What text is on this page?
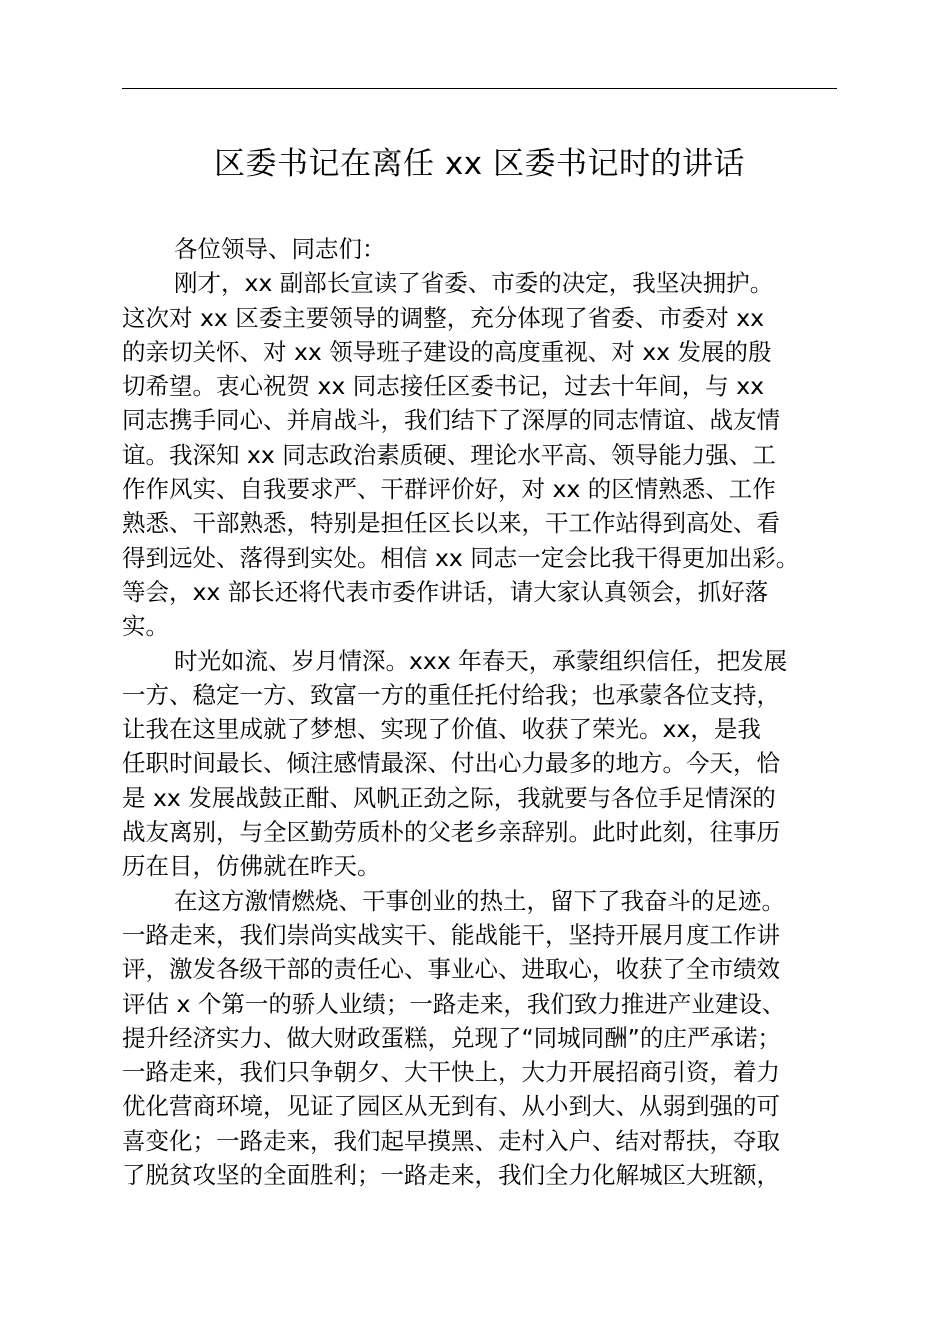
区委书记在离任 xx 区委书记时的讲话
各位领导、同志们：
刚才，xx 副部长宣读了省委、市委的决定，我坚决拥护。
这次对 xx 区委主要领导的调整，充分体现了省委、市委对 xx
的亲切关怀、对 xx 领导班子建设的高度重视、对 xx 发展的殷
切希望。衷心祝贺 xx 同志接任区委书记，过去十年间，与 xx
同志携手同心、并肩战斗，我们结下了深厚的同志情谊、战友情
谊。我深知 xx 同志政治素质硬、理论水平高、领导能力强、工
作作风实、自我要求严、干群评价好，对 xx 的区情熟悉、工作
熟悉、干部熟悉，特别是担任区长以来，干工作站得到高处、看
得到远处、落得到实处。相信 xx 同志一定会比我干得更加出彩。
等会，xx 部长还将代表市委作讲话，请大家认真领会，抓好落
实。
时光如流、岁月情深。xxx 年春天，承蒙组织信任，把发展
一方、稳定一方、致富一方的重任托付给我；也承蒙各位支持，
让我在这里成就了梦想、实现了价值、收获了荣光。xx，是我
任职时间最长、倾注感情最深、付出心力最多的地方。今天，恰
是 xx 发展战鼓正酣、风帆正劲之际，我就要与各位手足情深的
战友离别，与全区勤劳质朴的父老乡亲辞别。此时此刻，往事历
历在目，仿佛就在昨天。
在这方激情燃烧、干事创业的热土，留下了我奋斗的足迹。
一路走来，我们崇尚实战实干、能战能干，坚持开展月度工作讲
评，激发各级干部的责任心、事业心、进取心，收获了全市绩效
评估 x 个第一的骄人业绩；一路走来，我们致力推进产业建设、
提升经济实力、做大财政蛋糕，兑现了“同城同酬”的庄严承诺；
一路走来，我们只争朝夕、大干快上，大力开展招商引资，着力
优化营商环境，见证了园区从无到有、从小到大、从弱到强的可
喜变化；一路走来，我们起早摸黑、走村入户、结对帮扶，夺取
了脱贫攻坚的全面胜利；一路走来，我们全力化解城区大班额，
